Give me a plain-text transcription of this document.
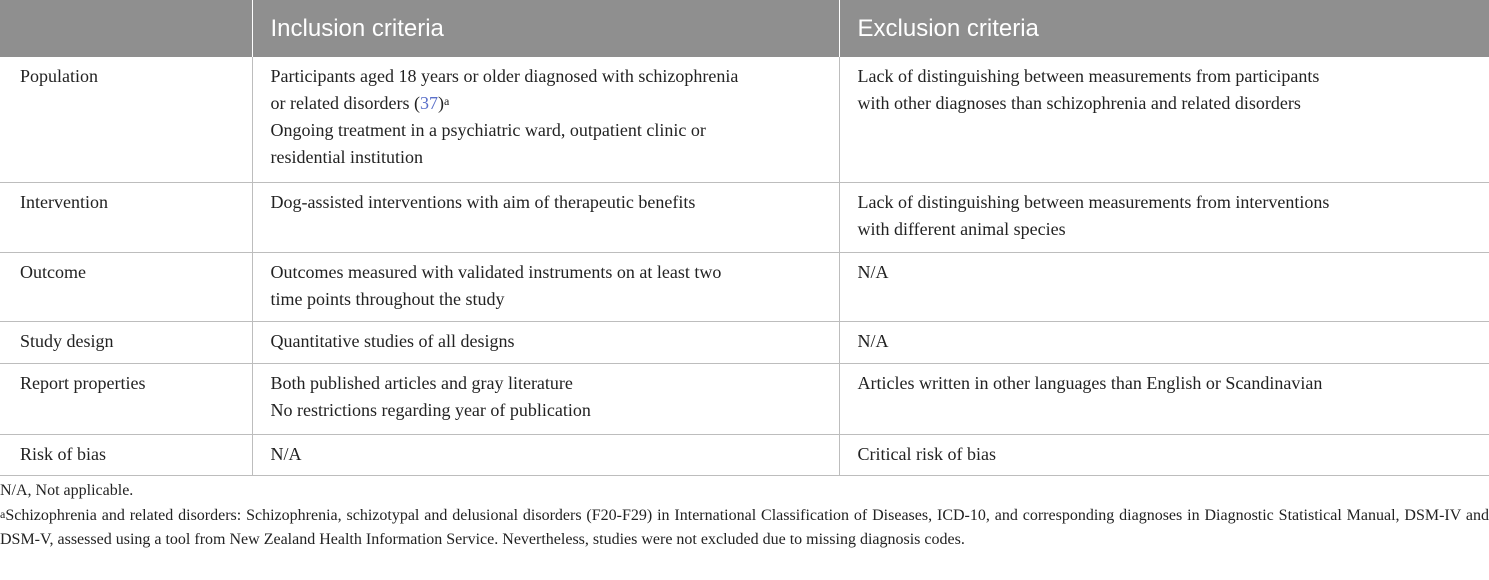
	Inclusion criteria	Exclusion criteria
Population	Participants aged 18 years or older diagnosed with schizophrenia
or related disorders $(37)^a$
Ongoing treatment in a psychiatric ward, outpatient clinic or
residential institution	Lack of distinguishing between measurements from participants
with other diagnoses than schizophrenia and related disorders

Intervention	Dog-assisted interventions with aim of therapeutic benefits	Lack of distinguishing between measurements from interventions
with different animal species

Outcome	Outcomes measured with validated instruments on at least two
time points throughout the study	N/A

Study design	Quantitative studies of all designs	N/A

Report properties	Both published articles and gray literature
No restrictions regarding year of publication	Articles written in other languages than English or Scandinavian

Risk of bias	N/A	Critical risk of bias
N/A, Not applicable.
$^a$Schizophrenia and related disorders: Schizophrenia, schizotypal and delusional disorders (F20-F29) in International Classification of Diseases, ICD-10, and corresponding diagnoses in Diagnostic Statistical Manual, DSM-IV and DSM-V, assessed using a tool from New Zealand Health Information Service. Nevertheless, studies were not excluded due to missing diagnosis codes.
